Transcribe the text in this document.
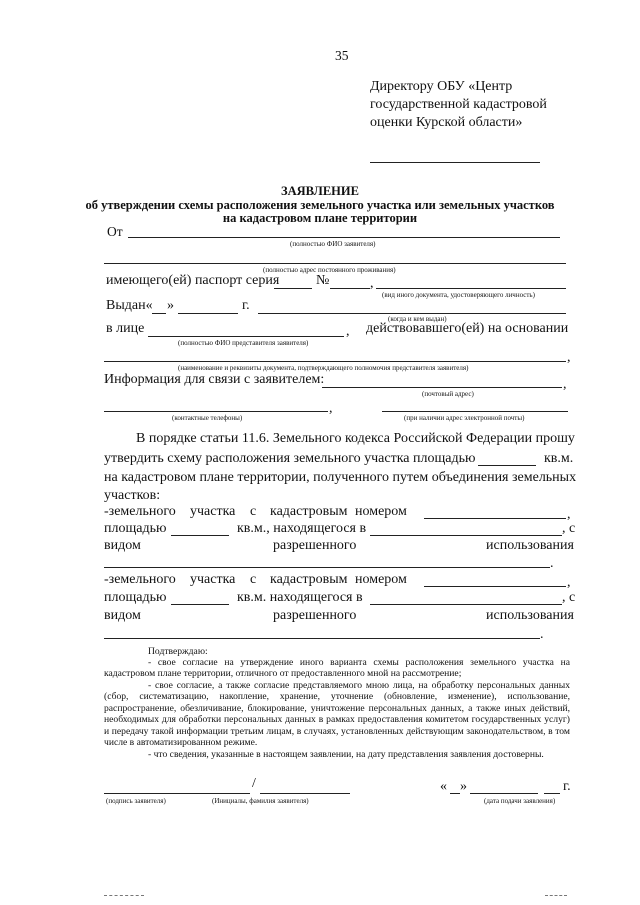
35
Директору ОБУ «Центр
государственной кадастровой
оценки Курской области»
ЗАЯВЛЕНИЕ
об утверждении схемы расположения земельного участка или земельных участков
на кадастровом плане территории
От
(полностью ФИО заявителя)
(полностью адрес постоянного проживания)
имеющего(ей) паспорт серия	№	,
(вид иного документа, удостоверяющего личность)
Выдан« »	г.
(когда и кем выдан)
в лице	, действовавшего(ей) на основании
(полностью ФИО представителя заявителя)
,
(наименование и реквизиты документа, подтверждающего полномочия представителя заявителя)
Информация для связи с заявителем:	,
(почтовый адрес)
,
(контактные телефоны)	(при наличии адрес электронной почты)
В порядке статьи 11.6. Земельного кодекса Российской Федерации прошу
утвердить схему расположения земельного участка площадью	кв.м.
на кадастровом плане территории, полученного путем объединения земельных
участков:
-земельного участка с кадастровым номером	,
площадью	кв.м., находящегося в	, с
видом	разрешенного	использования
.
-земельного участка с кадастровым номером	,
площадью	кв.м. находящегося в	, с
видом	разрешенного	использования
.
Подтверждаю:
- свое согласие на утверждение иного варианта схемы расположения земельного участка на кадастровом плане территории, отличного от предоставленного мной на рассмотрение;
- свое согласие, а также согласие представляемого мною лица, на обработку персональных данных (сбор, систематизацию, накопление, хранение, уточнение (обновление, изменение), использование, распространение, обезличивание, блокирование, уничтожение персональных данных, а также иных действий, необходимых для обработки персональных данных в рамках предоставления комитетом государственных услуг) и передачу такой информации третьим лицам, в случаях, установленных действующим законодательством, в том числе в автоматизированном режиме.
- что сведения, указанные в настоящем заявлении, на дату представления заявления достоверны.
/	« »	г.
(подпись заявителя)	(Инициалы, фамилия заявителя)	(дата подачи заявления)
